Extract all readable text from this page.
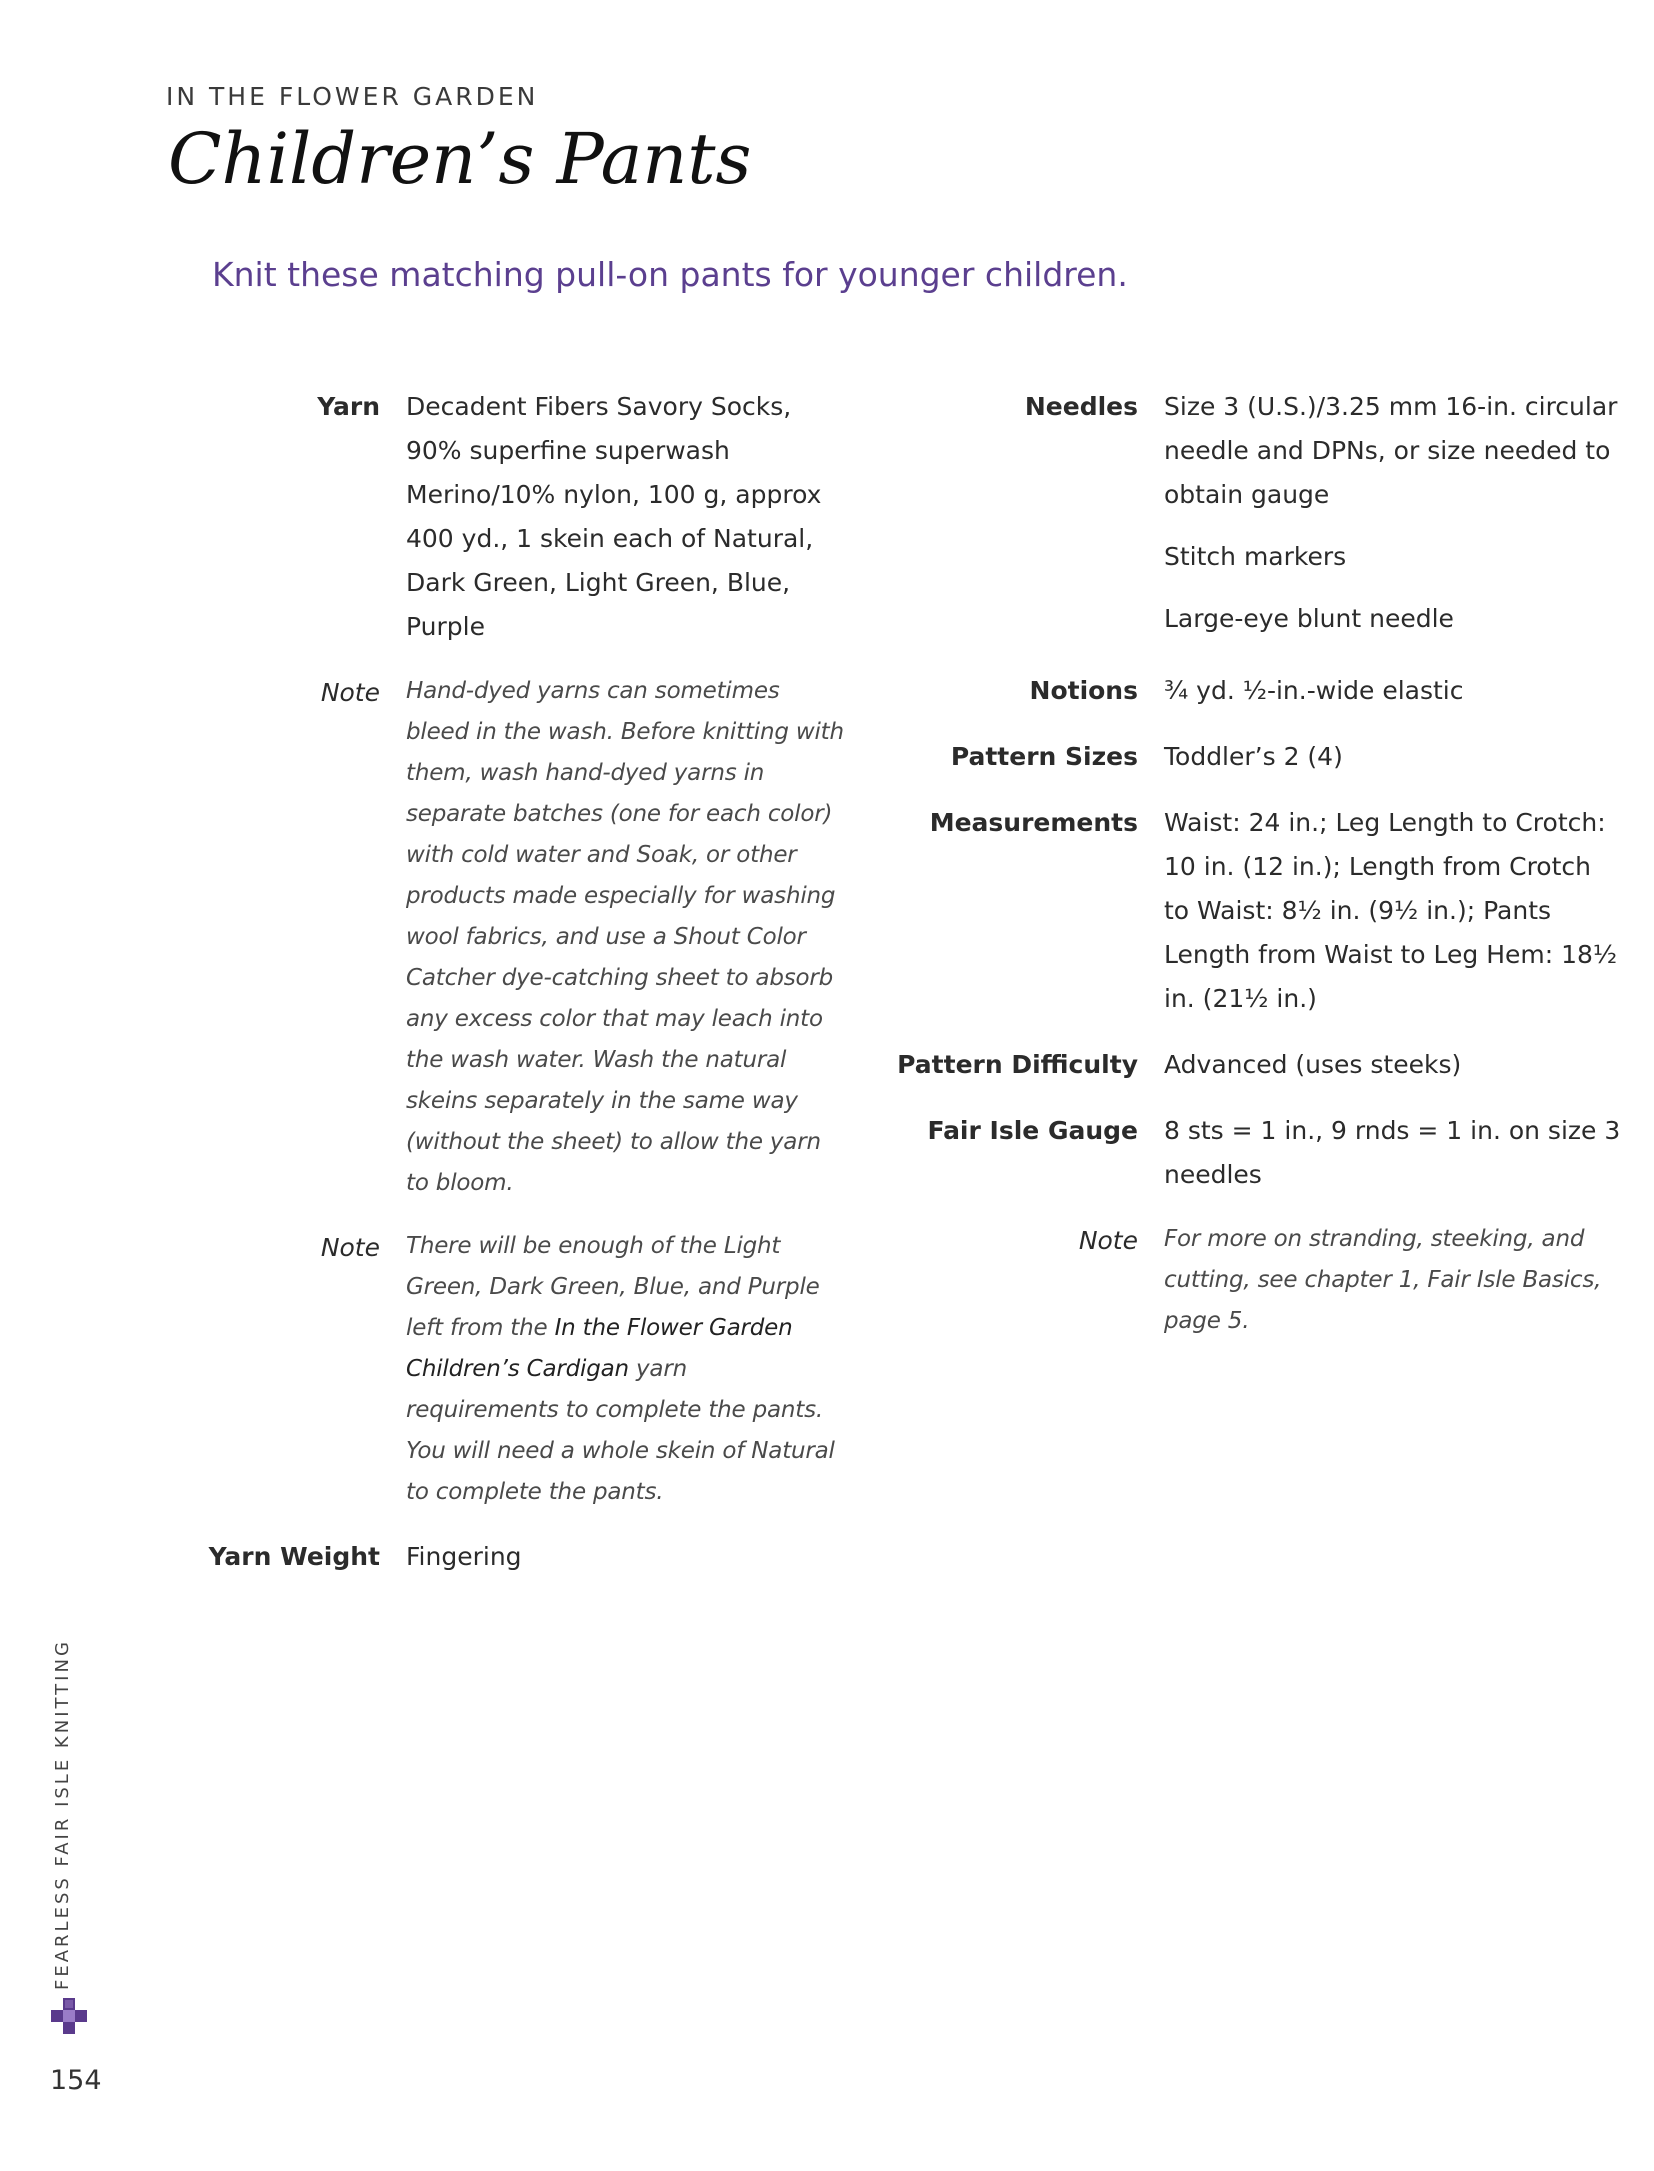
IN THE FLOWER GARDEN
Children’s Pants
Knit these matching pull-on pants for younger children.
Yarn	Decadent Fibers Savory Socks, 90% superfine superwash Merino/10% nylon, 100 g, approx 400 yd., 1 skein each of Natural, Dark Green, Light Green, Blue, Purple
Note	Hand-dyed yarns can sometimes bleed in the wash. Before knitting with them, wash hand-dyed yarns in separate batches (one for each color) with cold water and Soak, or other products made especially for washing wool fabrics, and use a Shout Color Catcher dye-catching sheet to absorb any excess color that may leach into the wash water. Wash the natural skeins separately in the same way (without the sheet) to allow the yarn to bloom.
Note	There will be enough of the Light Green, Dark Green, Blue, and Purple left from the In the Flower Garden Children’s Cardigan yarn requirements to complete the pants. You will need a whole skein of Natural to complete the pants.
Yarn Weight	Fingering
Needles	Size 3 (U.S.)/3.25 mm 16-in. circular needle and DPNs, or size needed to obtain gauge

Stitch markers

Large-eye blunt needle

Notions	¾ yd. ½-in.-wide elastic
Pattern Sizes	Toddler’s 2 (4)
Measurements	Waist: 24 in.; Leg Length to Crotch: 10 in. (12 in.); Length from Crotch to Waist: 8½ in. (9½ in.); Pants Length from Waist to Leg Hem: 18½ in. (21½ in.)
Pattern Difficulty	Advanced (uses steeks)
Fair Isle Gauge	8 sts = 1 in., 9 rnds = 1 in. on size 3 needles
Note	For more on stranding, steeking, and cutting, see chapter 1, Fair Isle Basics, page 5.
FEARLESS FAIR ISLE KNITTING
154
